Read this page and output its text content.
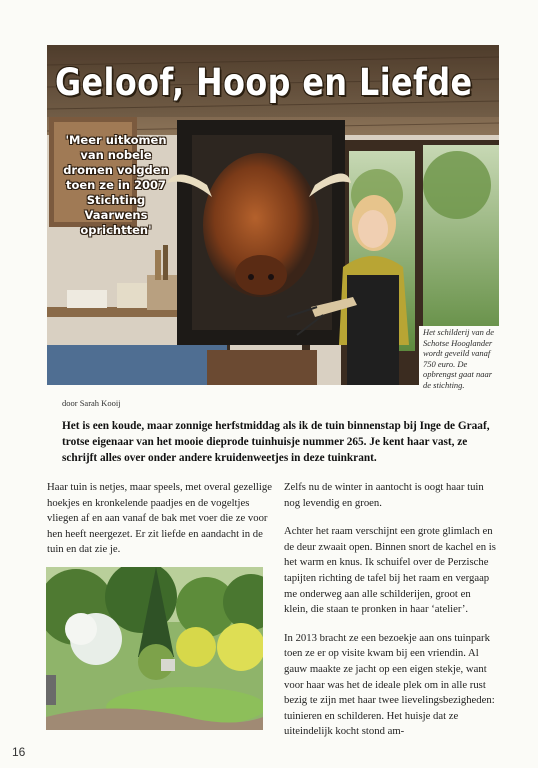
Geloof, Hoop en Liefde
'Meer uitkomen van nobele dromen volgden toen ze in 2007 Stichting Vaarwens oprichtten'
Het schilderij van de Schotse Hooglander wordt geveild vanaf 750 euro. De opbrengst gaat naar de stichting.
door Sarah Kooij
Het is een koude, maar zonnige herfstmiddag als ik de tuin binnenstap bij Inge de Graaf, trotse eigenaar van het mooie dieprode tuinhuisje nummer 265. Je kent haar vast, ze schrijft alles over onder andere kruidenweetjes in deze tuinkrant.

Haar tuin is netjes, maar speels, met overal gezellige hoekjes en kronkelende paadjes en de vogeltjes vliegen af en aan vanaf de bak met voer die ze voor hen heeft neergezet. Er zit liefde en aandacht in de tuin en dat zie je.

Zelfs nu de winter in aantocht is oogt haar tuin nog levendig en groen.

Achter het raam verschijnt een grote glimlach en de deur zwaait open. Binnen snort de kachel en is het warm en knus. Ik schuifel over de Perzische tapijten richting de tafel bij het raam en vergaap me onderweg aan alle schilderijen, groot en klein, die staan te pronken in haar ‘atelier’.

In 2013 bracht ze een bezoekje aan ons tuinpark toen ze er op visite kwam bij een vriendin. Al gauw maakte ze jacht op een eigen stekje, want voor haar was het de ideale plek om in alle rust bezig te zijn met haar twee lievelingsbezigheden: tuinieren en schilderen. Het huisje dat ze uiteindelijk kocht stond am-

16
